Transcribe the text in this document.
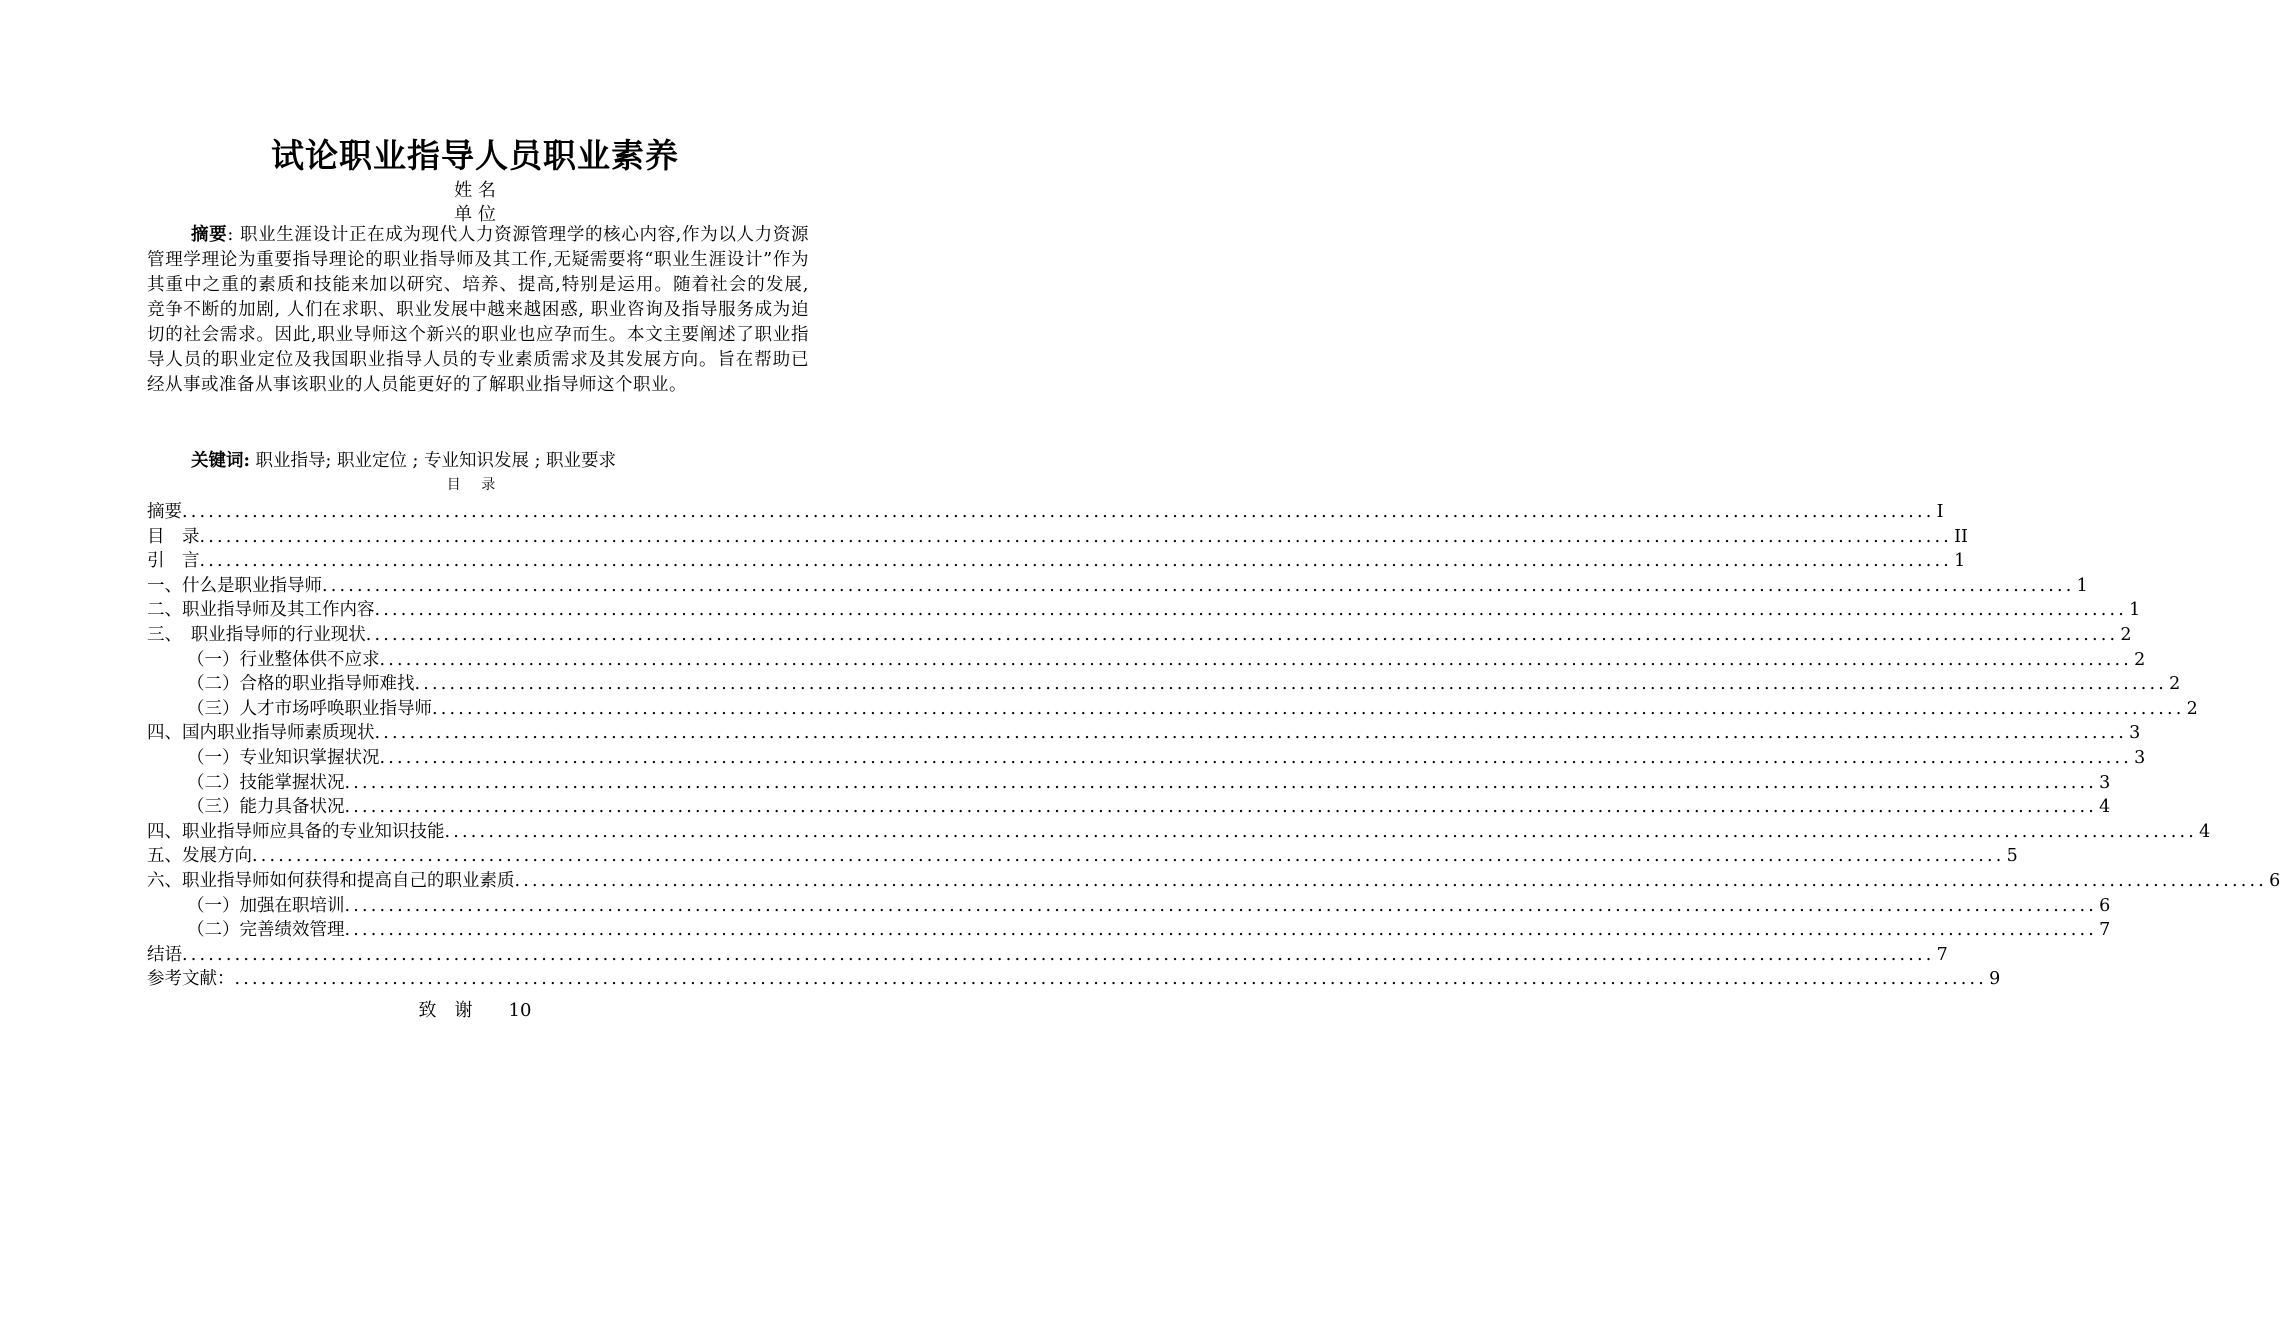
试论职业指导人员职业素养
姓 名
单 位

摘要: 职业生涯设计正在成为现代人力资源管理学的核心内容,作为以人力资源管理学理论为重要指导理论的职业指导师及其工作,无疑需要将“职业生涯设计”作为其重中之重的素质和技能来加以研究、培养、提高,特别是运用。随着社会的发展, 竞争不断的加剧, 人们在求职、职业发展中越来越困惑, 职业咨询及指导服务成为迫切的社会需求。因此,职业导师这个新兴的职业也应孕而生。本文主要阐述了职业指导人员的职业定位及我国职业指导人员的专业素质需求及其发展方向。旨在帮助已经从事或准备从事该职业的人员能更好的了解职业指导师这个职业。

关键词: 职业指导; 职业定位 ; 专业知识发展 ; 职业要求
目 录
摘要 ........................................................................................................................................................................................................ I
目　录 ........................................................................................................................................................................................................ II
引　言 ........................................................................................................................................................................................................ 1
一、什么是职业指导师 ........................................................................................................................................................................................................ 1
二、职业指导师及其工作内容 ........................................................................................................................................................................................................ 1
三、　职业指导师的行业现状 ........................................................................................................................................................................................................ 2
（一）行业整体供不应求 ........................................................................................................................................................................................................ 2
（二）合格的职业指导师难找 ........................................................................................................................................................................................................ 2
（三）人才市场呼唤职业指导师 ........................................................................................................................................................................................................ 2
四、国内职业指导师素质现状 ........................................................................................................................................................................................................ 3
（一）专业知识掌握状况 ........................................................................................................................................................................................................ 3
（二）技能掌握状况 ........................................................................................................................................................................................................ 3
（三）能力具备状况 ........................................................................................................................................................................................................ 4
四、职业指导师应具备的专业知识技能 ........................................................................................................................................................................................................ 4
五、发展方向 ........................................................................................................................................................................................................ 5
六、职业指导师如何获得和提高自己的职业素质 ........................................................................................................................................................................................................ 6
（一）加强在职培训 ........................................................................................................................................................................................................ 6
（二）完善绩效管理 ........................................................................................................................................................................................................ 7
结语 ........................................................................................................................................................................................................ 7
参考文献： ........................................................................................................................................................................................................ 9
致　谢　　10
